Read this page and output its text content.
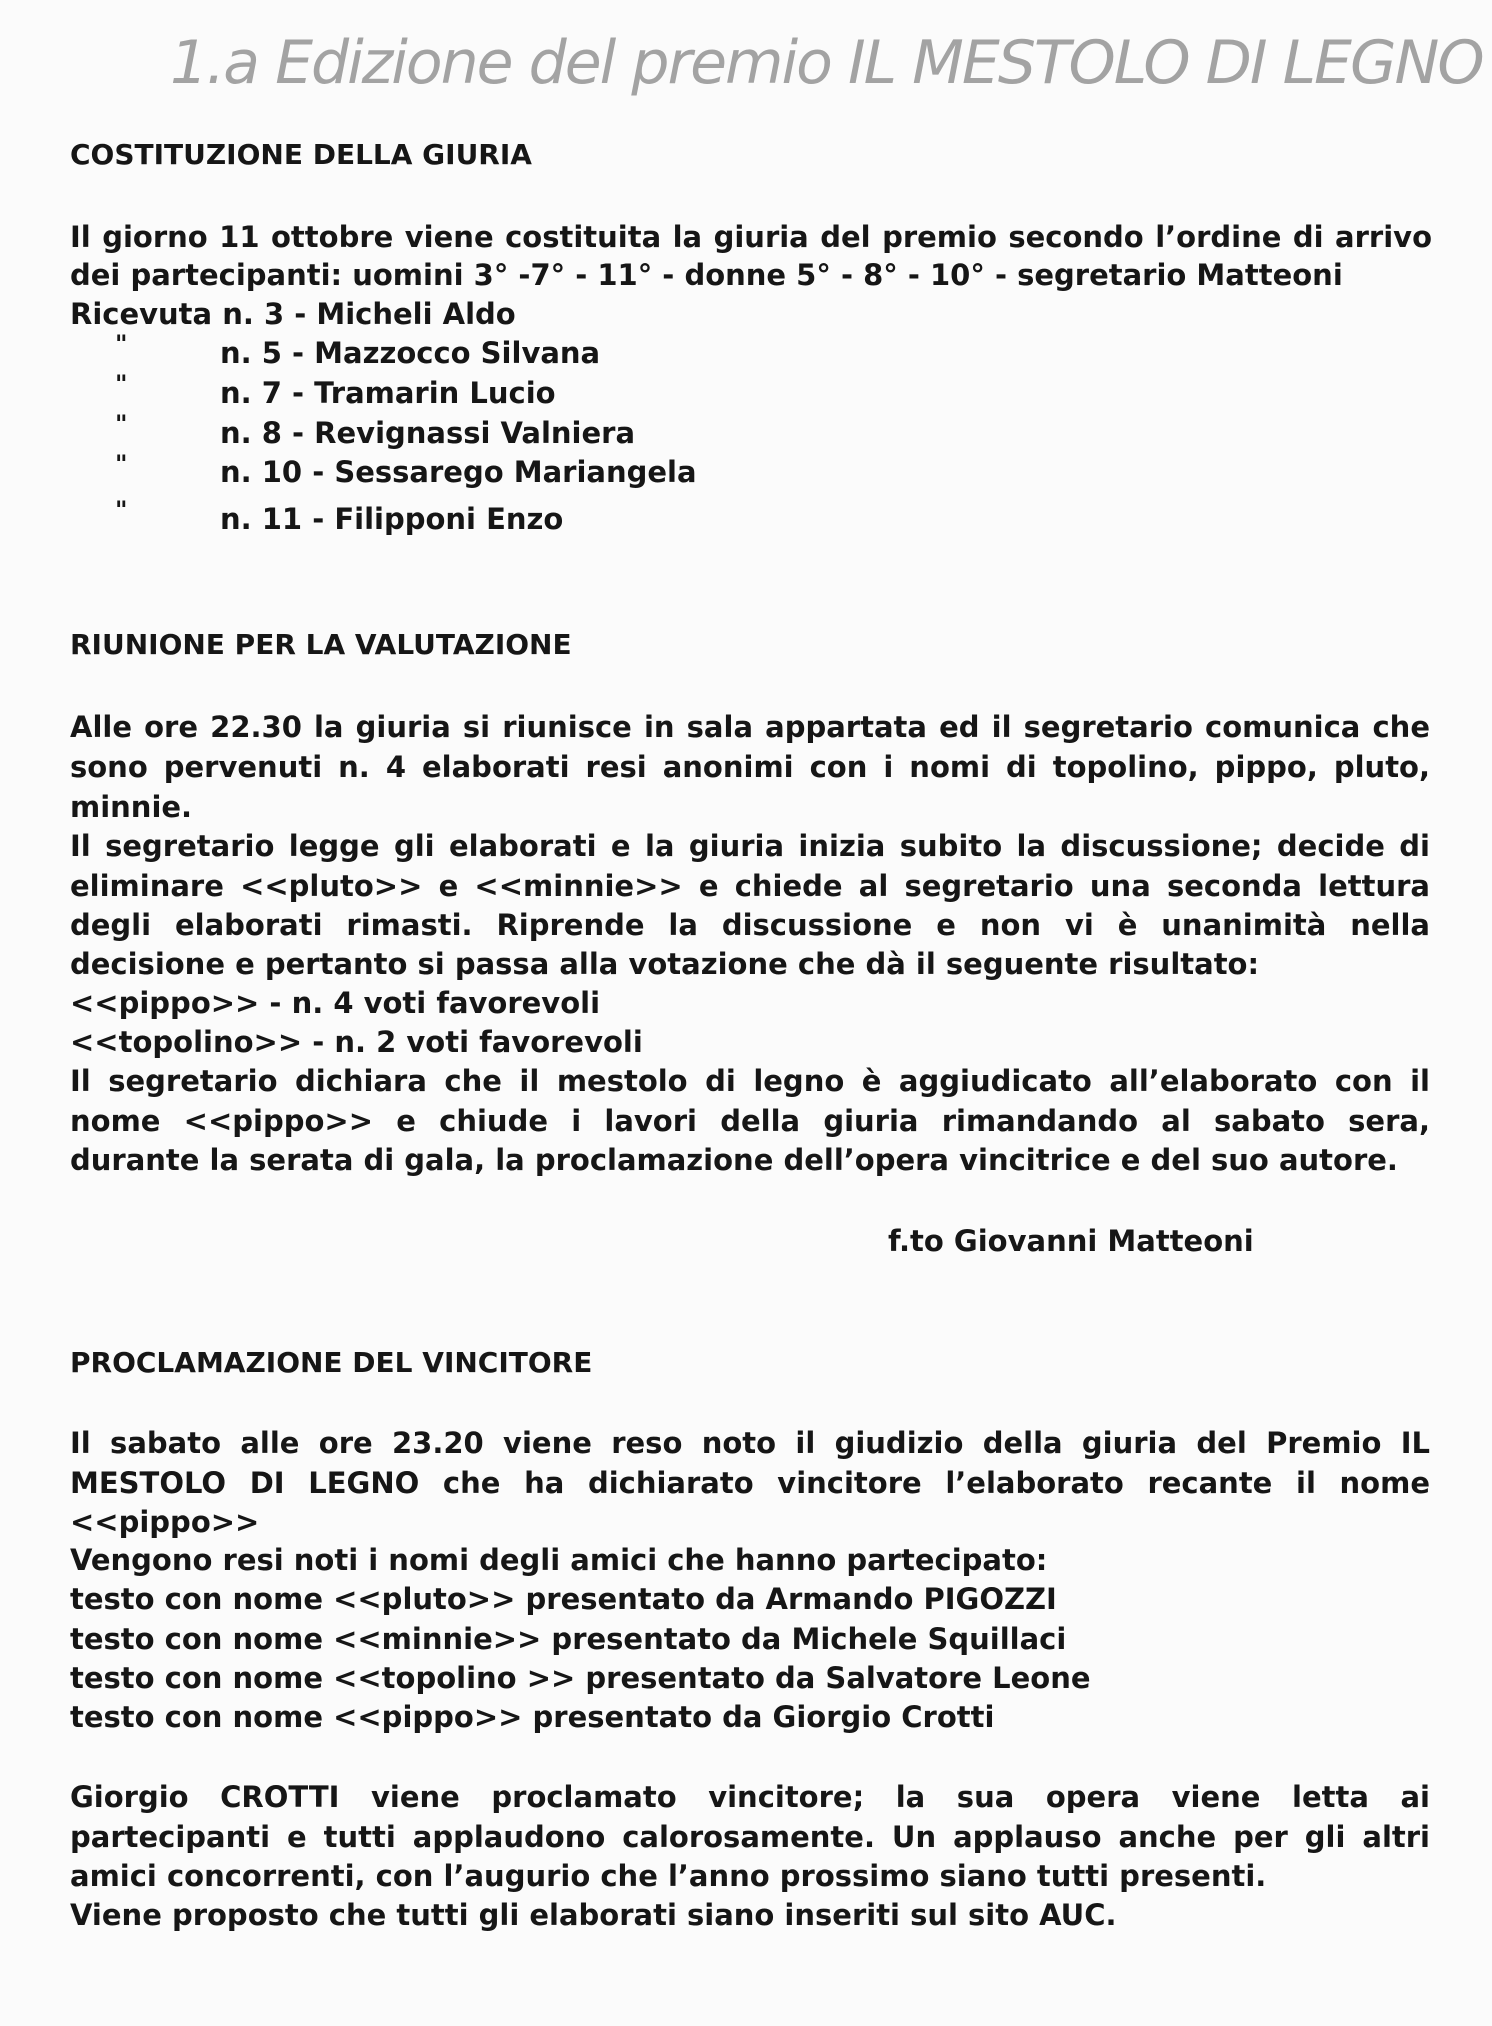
1.a Edizione del premio IL MESTOLO DI LEGNO
COSTITUZIONE DELLA GIURIA
Il giorno 11 ottobre viene costituita la giuria del premio secondo l’ordine di arrivo
dei partecipanti: uomini 3° -7° - 11° - donne 5° - 8° - 10° - segretario Matteoni
Ricevuta n. 3 - Micheli Aldo
"	n. 5 - Mazzocco Silvana
"	n. 7 - Tramarin Lucio
"	n. 8 - Revignassi Valniera
"	n. 10 - Sessarego Mariangela
"	n. 11 - Filipponi Enzo
RIUNIONE PER LA VALUTAZIONE
Alle ore 22.30 la giuria si riunisce in sala appartata ed il segretario comunica che
sono pervenuti n. 4 elaborati resi anonimi con i nomi di topolino, pippo, pluto,
minnie.
Il segretario legge gli elaborati e la giuria inizia subito la discussione; decide di
eliminare <<pluto>> e <<minnie>> e chiede al segretario una seconda lettura
degli elaborati rimasti. Riprende la discussione e non vi è unanimità nella
decisione e pertanto si passa alla votazione che dà il seguente risultato:
<<pippo>> - n. 4 voti favorevoli
<<topolino>> - n. 2 voti favorevoli
Il segretario dichiara che il mestolo di legno è aggiudicato all’elaborato con il
nome <<pippo>> e chiude i lavori della giuria rimandando al sabato sera,
durante la serata di gala, la proclamazione dell’opera vincitrice e del suo autore.
f.to Giovanni Matteoni
PROCLAMAZIONE DEL VINCITORE
Il sabato alle ore 23.20 viene reso noto il giudizio della giuria del Premio IL
MESTOLO DI LEGNO che ha dichiarato vincitore l’elaborato recante il nome
<<pippo>>
Vengono resi noti i nomi degli amici che hanno partecipato:
testo con nome <<pluto>> presentato da Armando PIGOZZI
testo con nome <<minnie>> presentato da Michele Squillaci
testo con nome <<topolino >> presentato da Salvatore Leone
testo con nome <<pippo>> presentato da Giorgio Crotti
Giorgio CROTTI viene proclamato vincitore; la sua opera viene letta ai
partecipanti e tutti applaudono calorosamente. Un applauso anche per gli altri
amici concorrenti, con l’augurio che l’anno prossimo siano tutti presenti.
Viene proposto che tutti gli elaborati siano inseriti sul sito AUC.
